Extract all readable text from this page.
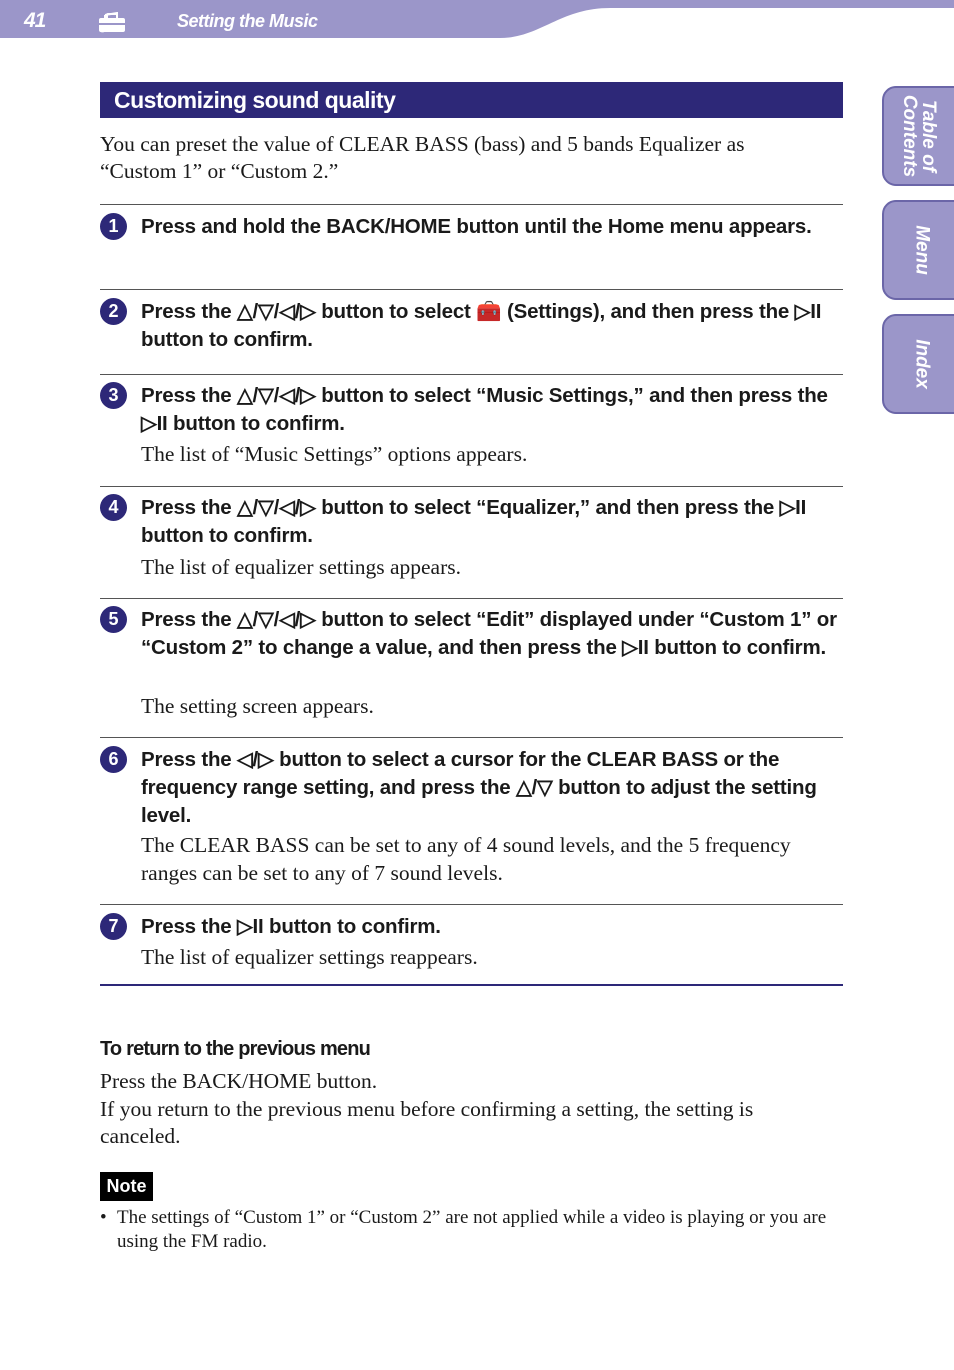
41	Setting the Music
Table of
Contents
Menu
Index
Customizing sound quality
You can preset the value of CLEAR BASS (bass) and 5 bands Equalizer as “Custom 1” or “Custom 2.”
1	Press and hold the BACK/HOME button until the Home menu appears.
2	Press the △/▽/◁/▷ button to select 🧰 (Settings), and then press the ▷II button to confirm.
3	Press the △/▽/◁/▷ button to select “Music Settings,” and then press the ▷II button to confirm.
The list of “Music Settings” options appears.
4	Press the △/▽/◁/▷ button to select “Equalizer,” and then press the ▷II button to confirm.
The list of equalizer settings appears.
5	Press the △/▽/◁/▷ button to select “Edit” displayed under “Custom 1” or “Custom 2” to change a value, and then press the ▷II button to confirm.
The setting screen appears.
6	Press the ◁/▷ button to select a cursor for the CLEAR BASS or the frequency range setting, and press the △/▽ button to adjust the setting level.
The CLEAR BASS can be set to any of 4 sound levels, and the 5 frequency ranges can be set to any of 7 sound levels.
7	Press the ▷II button to confirm.
The list of equalizer settings reappears.
To return to the previous menu
Press the BACK/HOME button.
If you return to the previous menu before confirming a setting, the setting is canceled.
Note
• The settings of “Custom 1” or “Custom 2” are not applied while a video is playing or you are using the FM radio.
